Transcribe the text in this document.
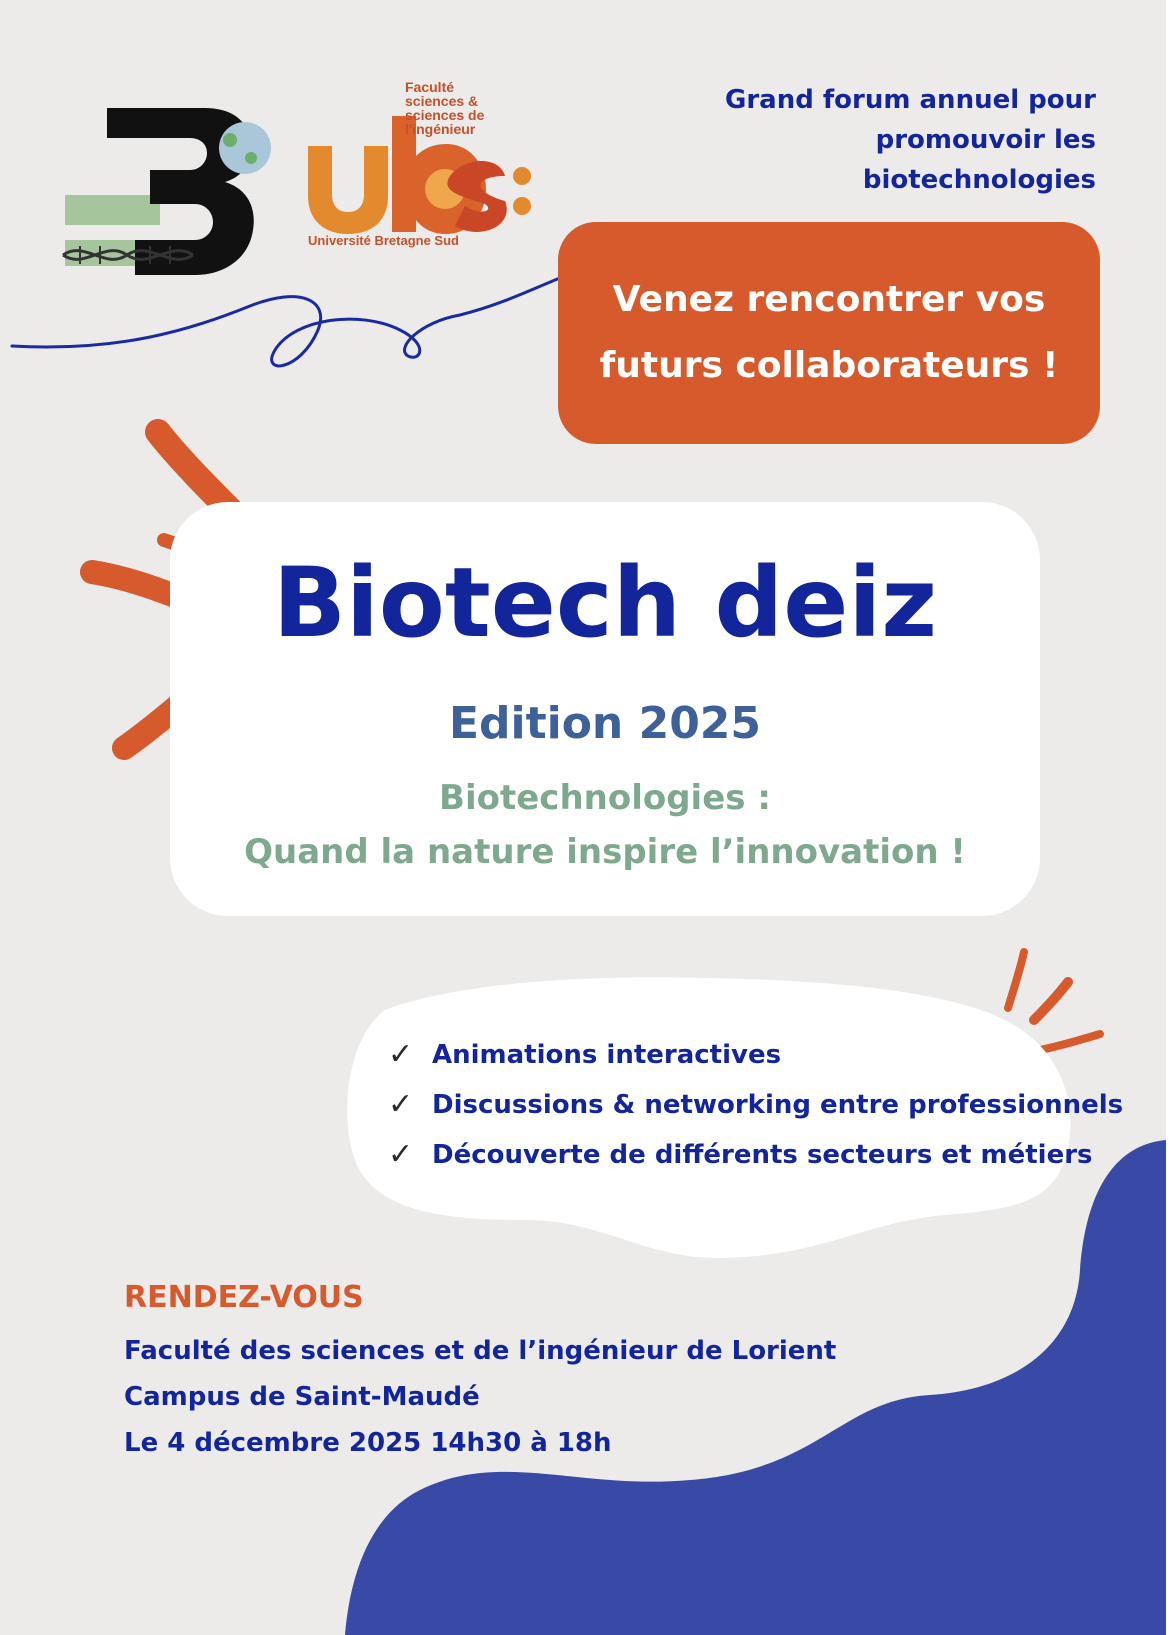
Faculté
sciences &
sciences de
l'ingénieur
Université Bretagne Sud
Grand forum annuel pour
promouvoir les biotechnologies
Venez rencontrer vos
futurs collaborateurs !
Biotech deiz
Edition 2025
Biotechnologies :
Quand la nature inspire l’innovation !
✓ Animations interactives
✓ Discussions & networking entre professionnels
✓ Découverte de différents secteurs et métiers
RENDEZ-VOUS
Faculté des sciences et de l’ingénieur de Lorient
Campus de Saint-Maudé
Le 4 décembre 2025 14h30 à 18h
